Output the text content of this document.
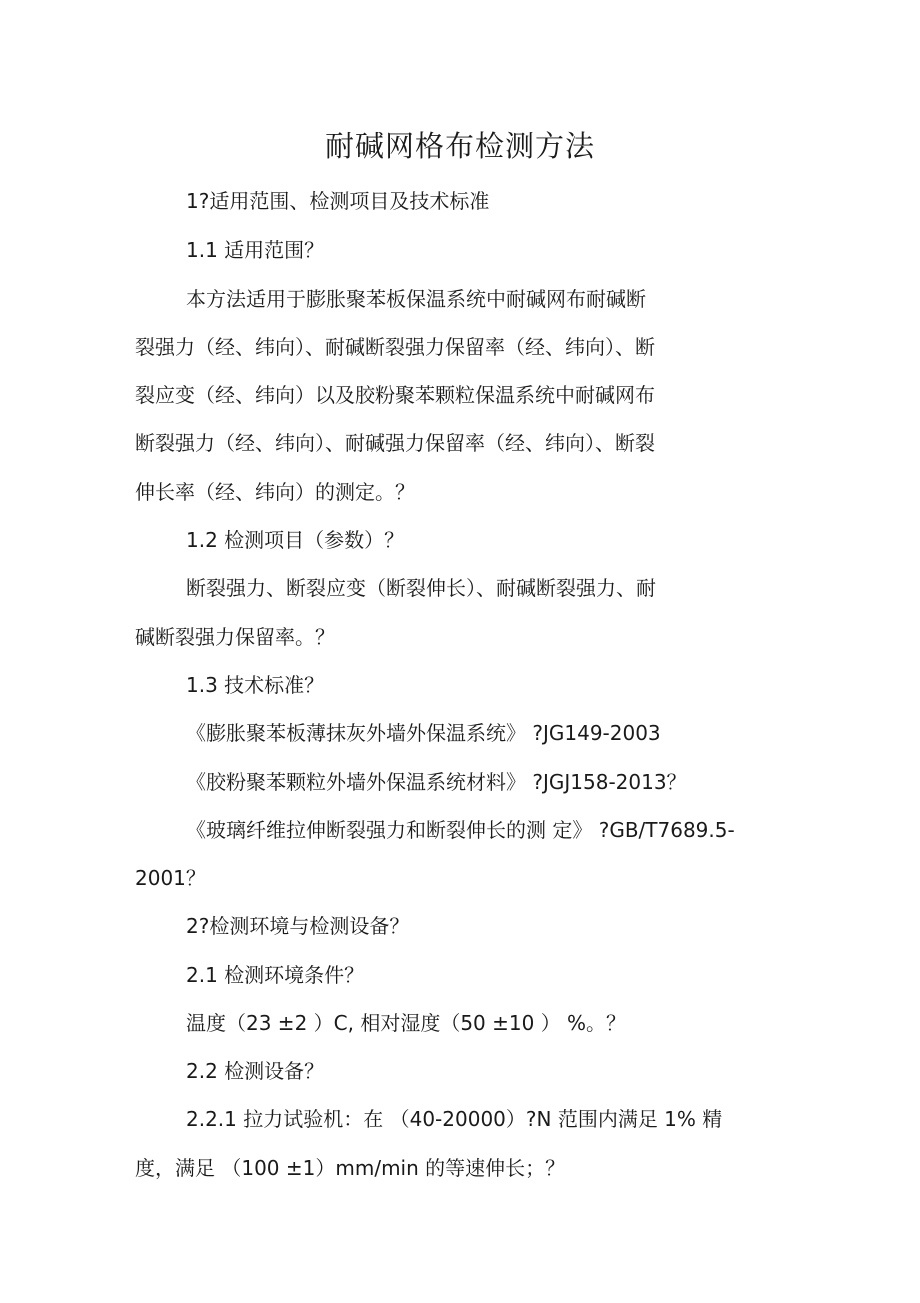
耐碱网格布检测方法
1?适用范围、检测项目及技术标准
1.1 适用范围？
本方法适用于膨胀聚苯板保温系统中耐碱网布耐碱断
裂强力（经、纬向）、耐碱断裂强力保留率（经、纬向）、断
裂应变（经、纬向）以及胶粉聚苯颗粒保温系统中耐碱网布
断裂强力（经、纬向）、耐碱强力保留率（经、纬向）、断裂
伸长率（经、纬向）的测定。？
1.2 检测项目（参数）？
断裂强力、断裂应变（断裂伸长）、耐碱断裂强力、耐
碱断裂强力保留率。？
1.3 技术标准？
《膨胀聚苯板薄抹灰外墙外保温系统》 ?JG149-2003
《胶粉聚苯颗粒外墙外保温系统材料》 ?JGJ158-2013？
《玻璃纤维拉伸断裂强力和断裂伸长的测 定》 ?GB/T7689.5-
2001？
2?检测环境与检测设备？
2.1 检测环境条件？
温度（23 ±2 ）C, 相对湿度（50 ±10 ） %。？
2.2 检测设备？
2.2.1 拉力试验机：在 （40-20000）?N 范围内满足 1% 精
度，满足 （100 ±1）mm/min 的等速伸长；？
